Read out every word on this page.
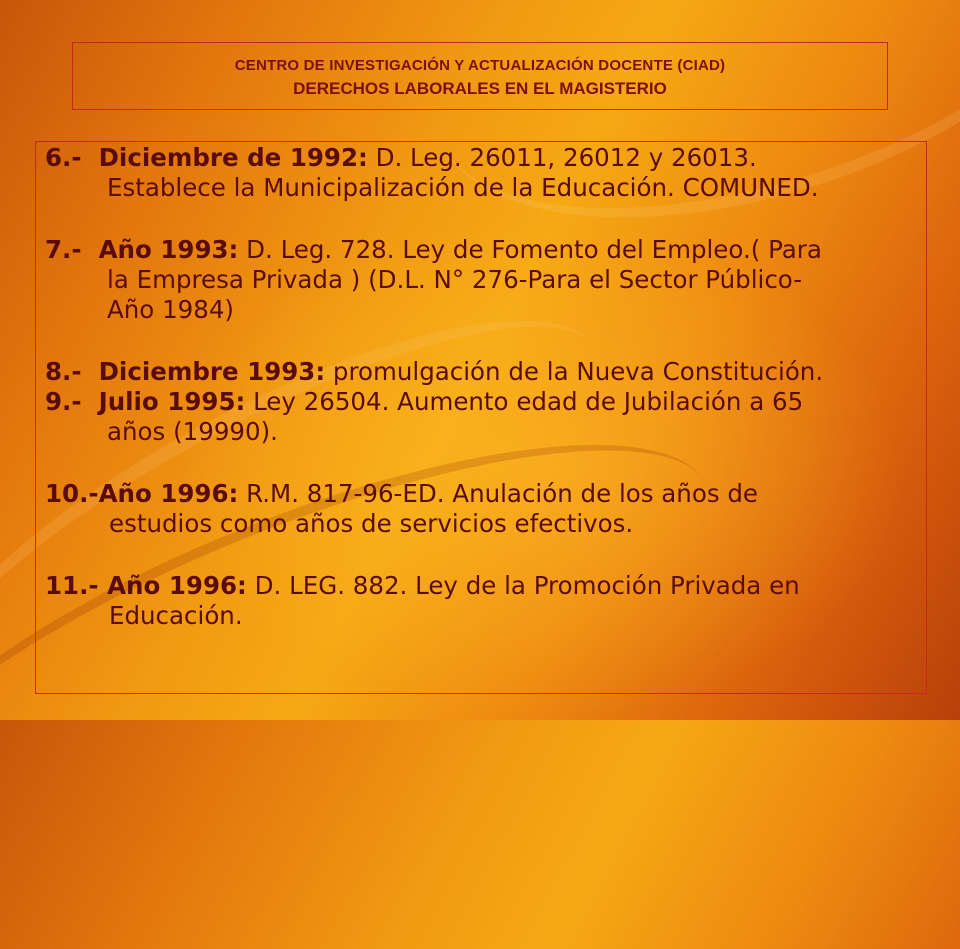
CENTRO DE INVESTIGACIÓN Y ACTUALIZACIÓN DOCENTE (CIAD)
DERECHOS LABORALES EN EL MAGISTERIO
6.-  Diciembre de 1992: D. Leg. 26011, 26012 y 26013.
Establece la Municipalización de la Educación. COMUNED.
7.-  Año 1993: D. Leg. 728. Ley de Fomento del Empleo.( Para
la Empresa Privada ) (D.L. N° 276-Para el Sector Público-
Año 1984)
8.-  Diciembre 1993: promulgación de la Nueva Constitución.
9.-  Julio 1995: Ley 26504. Aumento edad de Jubilación a 65
años (19990).
10.-Año 1996: R.M. 817-96-ED. Anulación de los años de
estudios como años de servicios efectivos.
11.- Año 1996: D. LEG. 882. Ley de la Promoción Privada en
Educación.
